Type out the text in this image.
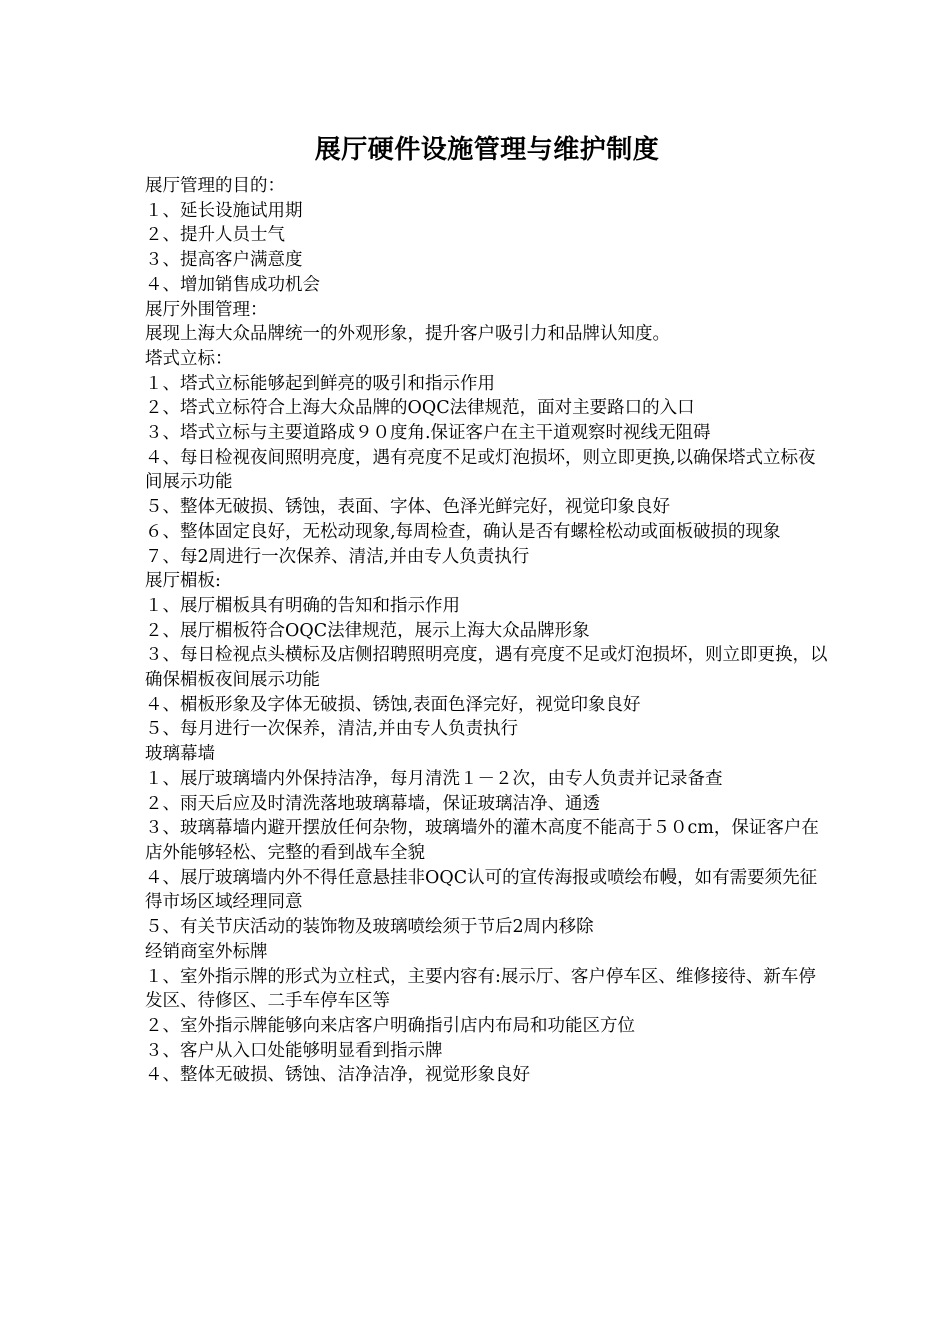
展厅硬件设施管理与维护制度
展厅管理的目的：
１、延长设施试用期
２、提升人员士气
３、提高客户满意度
４、增加销售成功机会
展厅外围管理：
展现上海大众品牌统一的外观形象，提升客户吸引力和品牌认知度。
塔式立标：
１、塔式立标能够起到鲜亮的吸引和指示作用
２、塔式立标符合上海大众品牌的OQC法律规范，面对主要路口的入口
３、塔式立标与主要道路成９０度角.保证客户在主干道观察时视线无阻碍
４、每日检视夜间照明亮度，遇有亮度不足或灯泡损坏，则立即更换,以确保塔式立标夜间展示功能
５、整体无破损、锈蚀，表面、字体、色泽光鲜完好，视觉印象良好
６、整体固定良好，无松动现象,每周检查，确认是否有螺栓松动或面板破损的现象
７、每2周进行一次保养、清洁,并由专人负责执行
展厅楣板:
１、展厅楣板具有明确的告知和指示作用
２、展厅楣板符合OQC法律规范，展示上海大众品牌形象
３、每日检视点头横标及店侧招聘照明亮度，遇有亮度不足或灯泡损坏，则立即更换，以确保楣板夜间展示功能
４、楣板形象及字体无破损、锈蚀,表面色泽完好，视觉印象良好
５、每月进行一次保养，清洁,并由专人负责执行
玻璃幕墙
１、展厅玻璃墙内外保持洁净，每月清洗１－２次，由专人负责并记录备查
２、雨天后应及时清洗落地玻璃幕墙，保证玻璃洁净、通透
３、玻璃幕墙内避开摆放任何杂物，玻璃墙外的灌木高度不能高于５０cm，保证客户在店外能够轻松、完整的看到战车全貌
４、展厅玻璃墙内外不得任意悬挂非OQC认可的宣传海报或喷绘布幔，如有需要须先征得市场区域经理同意
５、有关节庆活动的装饰物及玻璃喷绘须于节后2周内移除
经销商室外标牌
１、室外指示牌的形式为立柱式，主要内容有:展示厅、客户停车区、维修接待、新车停发区、待修区、二手车停车区等
２、室外指示牌能够向来店客户明确指引店内布局和功能区方位
３、客户从入口处能够明显看到指示牌
４、整体无破损、锈蚀、洁净洁净，视觉形象良好
